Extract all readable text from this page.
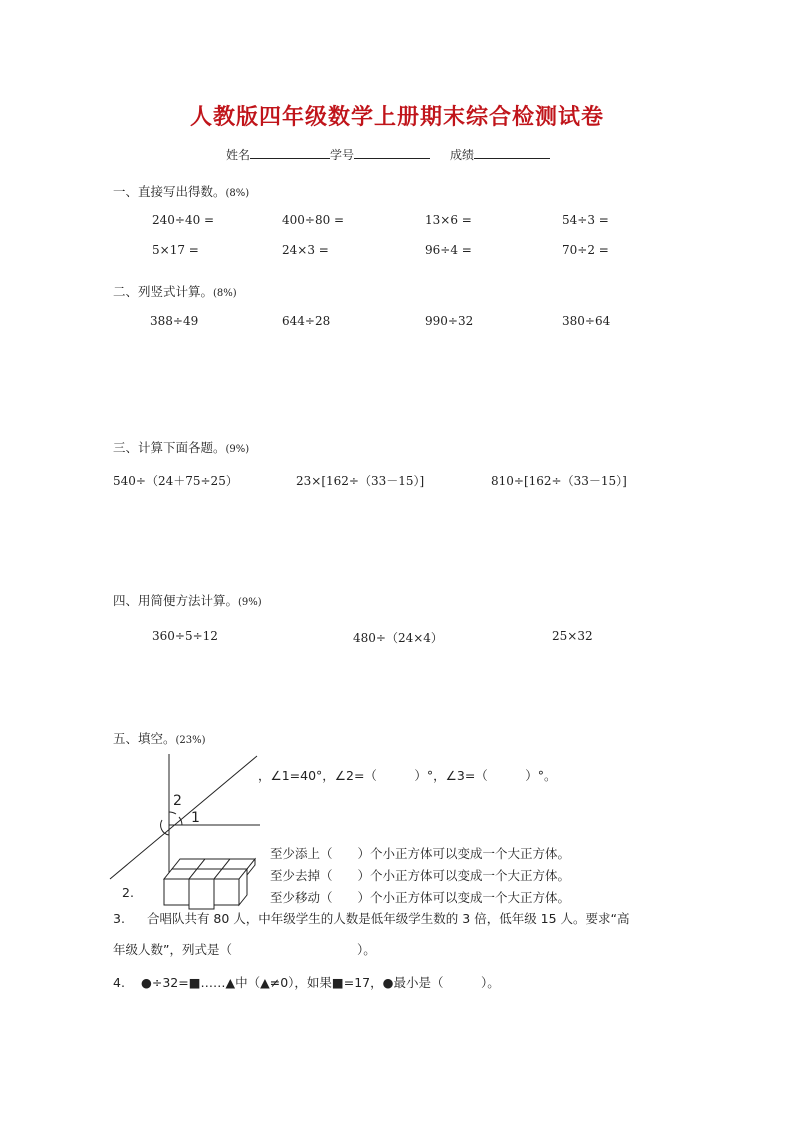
人教版四年级数学上册期末综合检测试卷
姓名	学号	成绩
一、直接写出得数。(8%)
240÷40 =	400÷80 =	13×6 =	54÷3 =
5×17 =	24×3 =	96÷4 =	70÷2 =
二、列竖式计算。(8%)
388÷49	644÷28	990÷32	380÷64
三、计算下面各题。(9%)
540÷（24＋75÷25）	23×[162÷（33－15）]	810÷[162÷（33－15）]
四、用简便方法计算。(9%)
360÷5÷12	480÷（24×4）	25×32
五、填空。(23%)
1
2
，∠1=40°，∠2=（　　　）°，∠3=（　　　）°。
2.
至少添上（　　）个小正方体可以变成一个大正方体。
至少去掉（　　）个小正方体可以变成一个大正方体。
至少移动（　　）个小正方体可以变成一个大正方体。
3. 合唱队共有 80 人，中年级学生的人数是低年级学生数的 3 倍，低年级 15 人。要求“高
年级人数”，列式是（　　　　　　　　　　）。
4. ●÷32=■……▲中（▲≠0），如果■=17，●最小是（　　　）。
